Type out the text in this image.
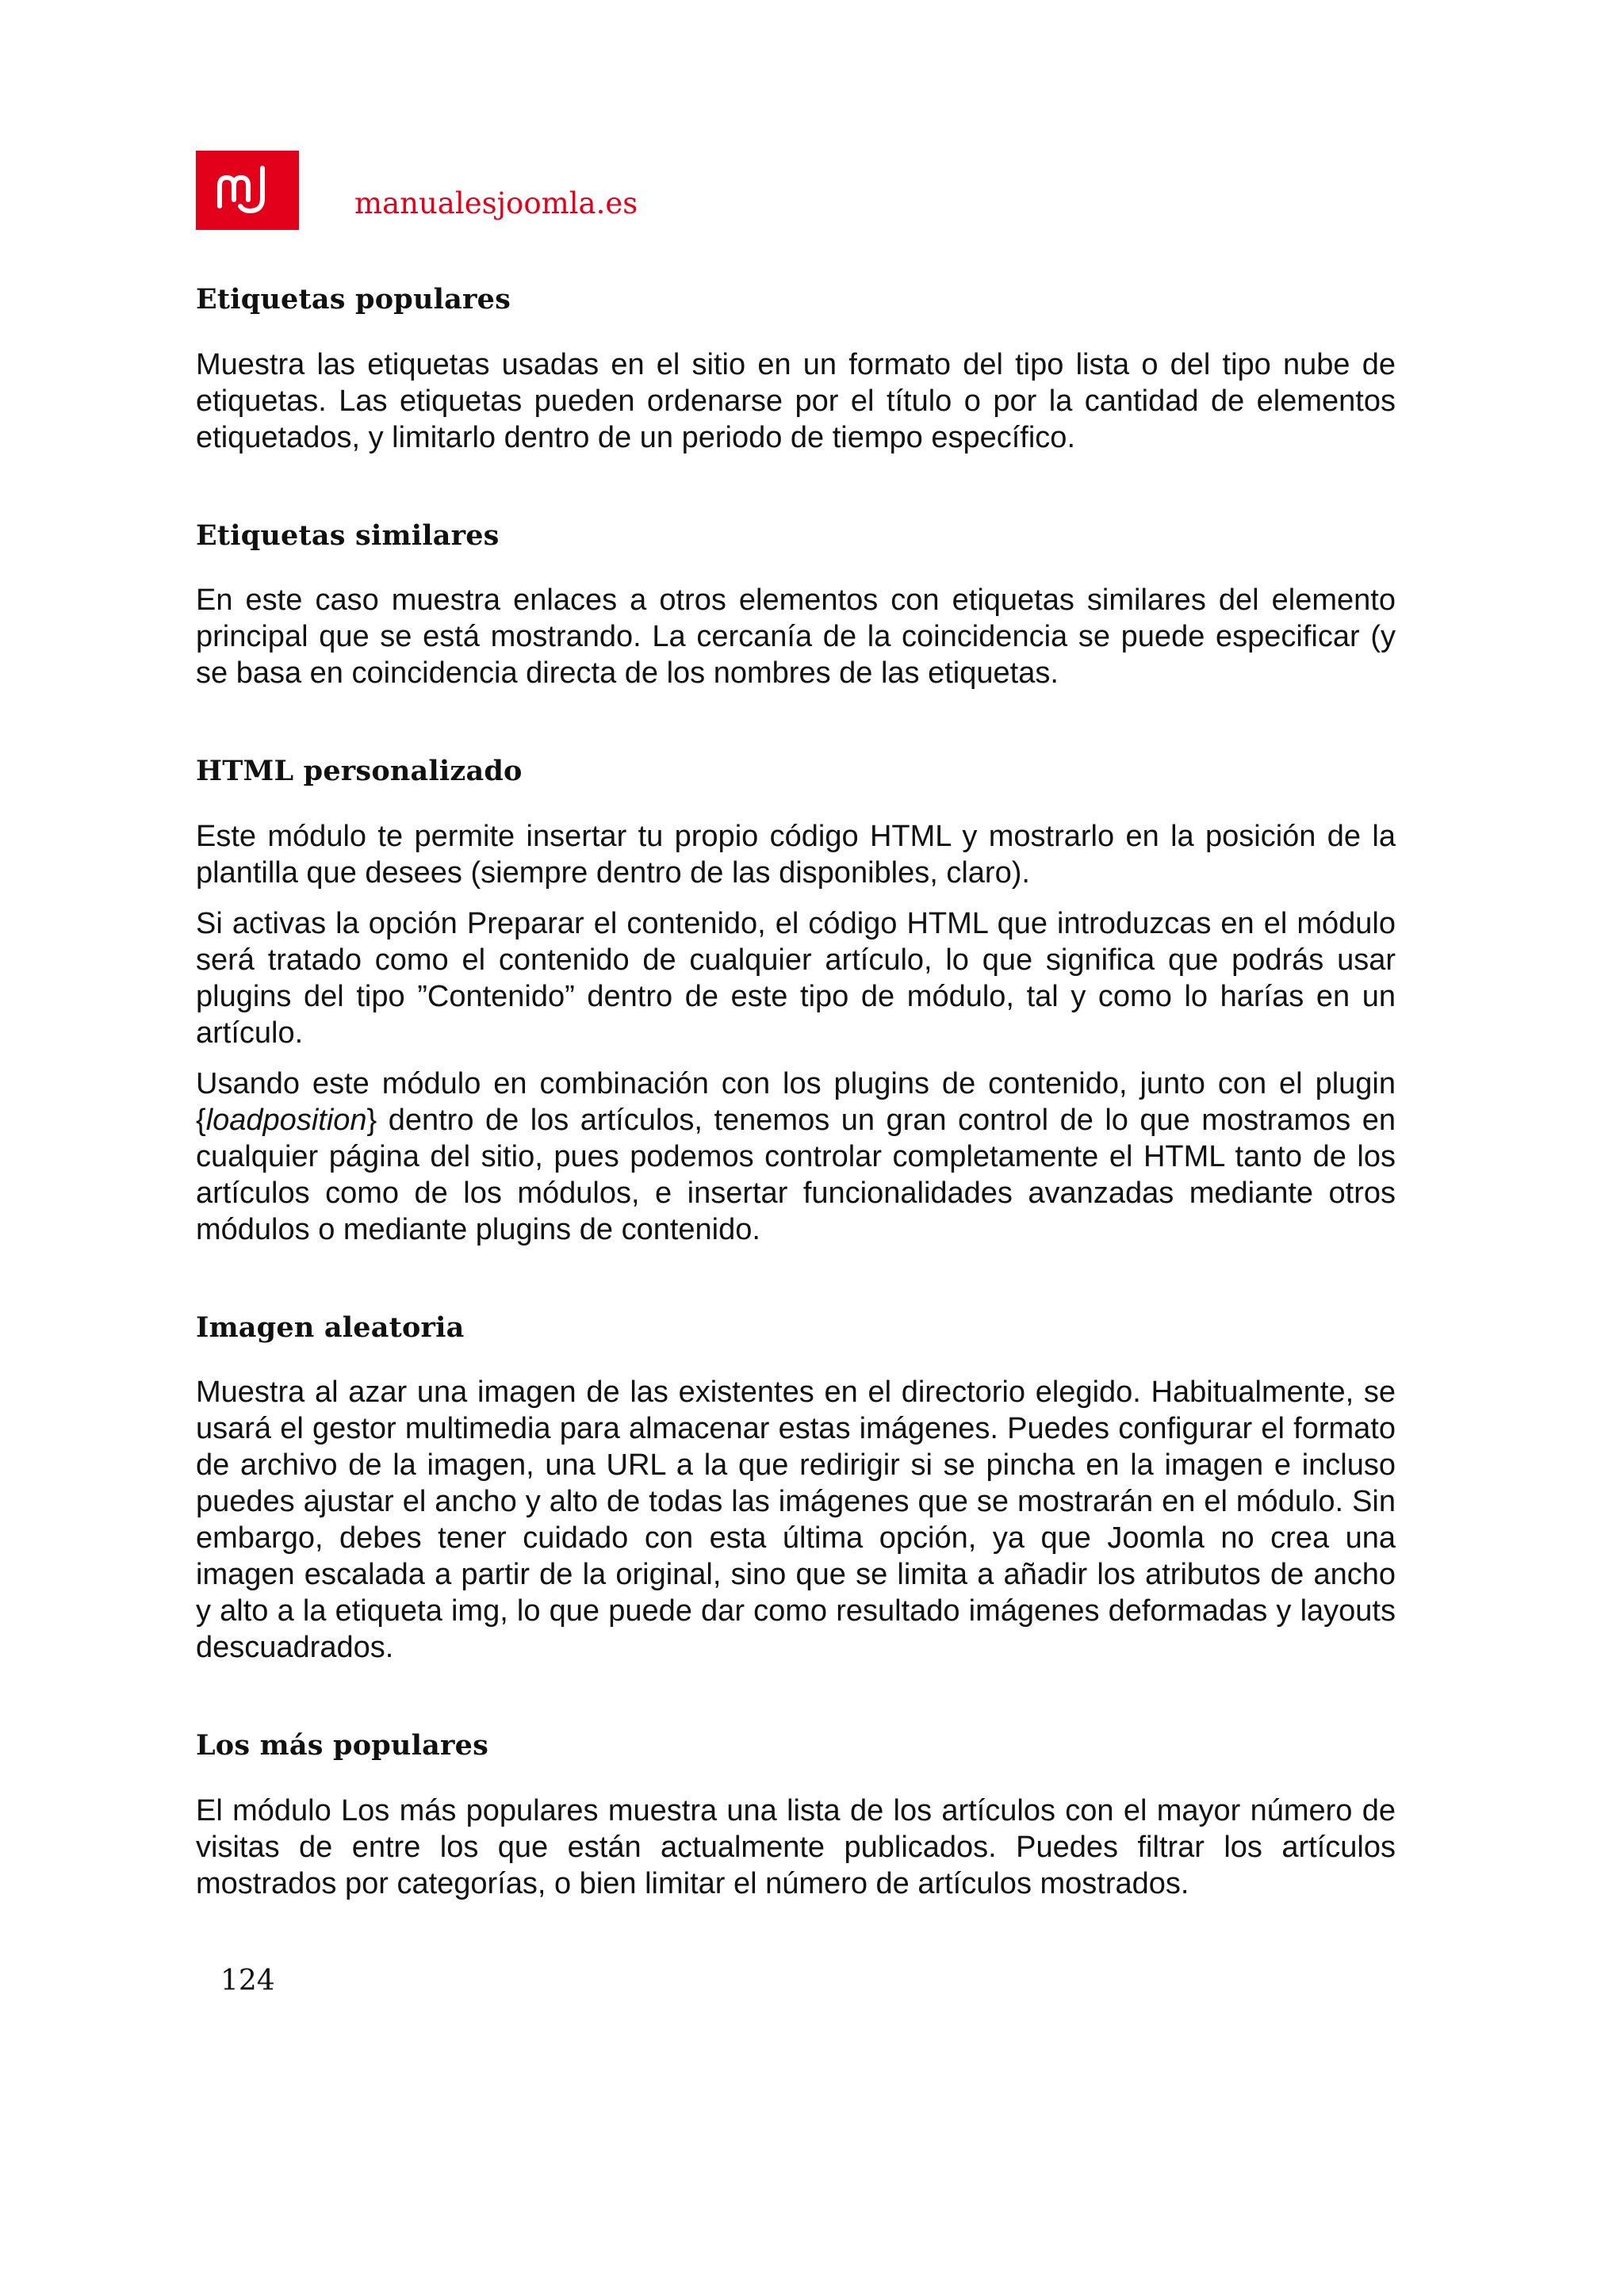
manualesjoomla.es
Etiquetas populares

Muestra las etiquetas usadas en el sitio en un formato del tipo lista o del tipo nube de etiquetas. Las etiquetas pueden ordenarse por el título o por la cantidad de elementos etiquetados, y limitarlo dentro de un periodo de tiempo específico.

Etiquetas similares

En este caso muestra enlaces a otros elementos con etiquetas similares del elemento principal que se está mostrando. La cercanía de la coincidencia se puede especificar (y se basa en coincidencia directa de los nombres de las etiquetas.

HTML personalizado

Este módulo te permite insertar tu propio código HTML y mostrarlo en la posición de la plantilla que desees (siempre dentro de las disponibles, claro).

Si activas la opción Preparar el contenido, el código HTML que introduzcas en el módulo será tratado como el contenido de cualquier artículo, lo que significa que podrás usar plugins del tipo ”Contenido” dentro de este tipo de módulo, tal y como lo harías en un artículo.

Usando este módulo en combinación con los plugins de contenido, junto con el plugin {loadposition} dentro de los artículos, tenemos un gran control de lo que mostramos en cualquier página del sitio, pues podemos controlar completamente el HTML tanto de los artículos como de los módulos, e insertar funcionalidades avanzadas mediante otros módulos o mediante plugins de contenido.

Imagen aleatoria

Muestra al azar una imagen de las existentes en el directorio elegido. Habitualmente, se usará el gestor multimedia para almacenar estas imágenes. Puedes configurar el formato de archivo de la imagen, una URL a la que redirigir si se pincha en la imagen e incluso puedes ajustar el ancho y alto de todas las imágenes que se mostrarán en el módulo. Sin embargo, debes tener cuidado con esta última opción, ya que Joomla no crea una imagen escalada a partir de la original, sino que se limita a añadir los atributos de ancho y alto a la etiqueta img, lo que puede dar como resultado imágenes deformadas y layouts descuadrados.

Los más populares

El módulo Los más populares muestra una lista de los artículos con el mayor número de visitas de entre los que están actualmente publicados. Puedes filtrar los artículos mostrados por categorías, o bien limitar el número de artículos mostrados.

124
